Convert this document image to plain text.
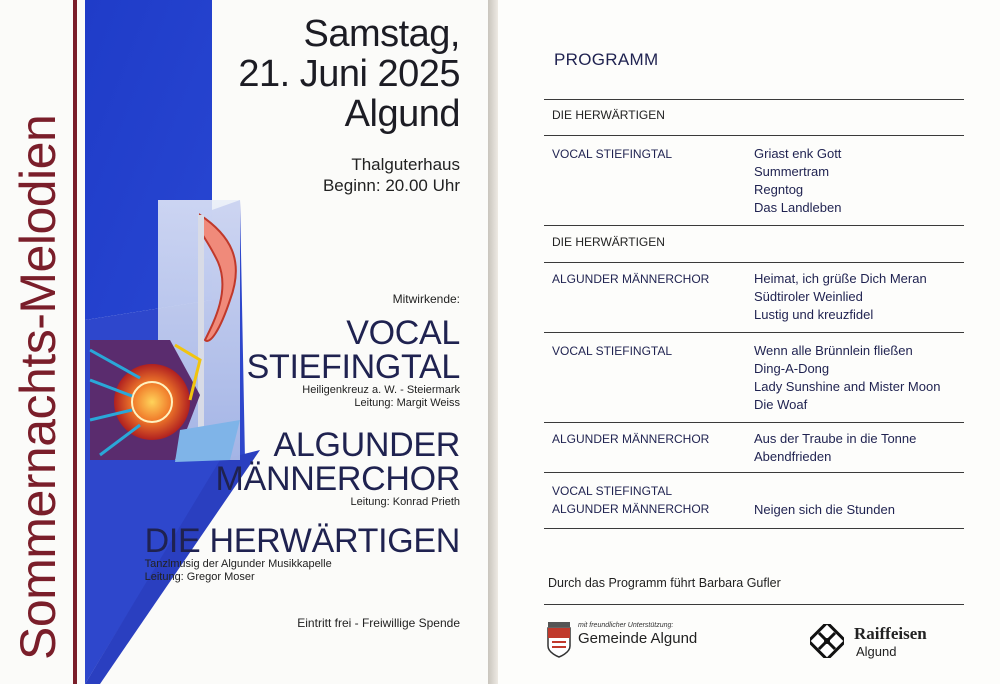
Sommernachts-Melodien
Samstag,
21. Juni 2025
Algund
Thalguterhaus
Beginn: 20.00 Uhr
Mitwirkende:
VOCAL
STIEFINGTAL
Heiligenkreuz a. W. - Steiermark
Leitung: Margit Weiss
ALGUNDER
MÄNNERCHOR
Leitung: Konrad Prieth
DIE HERWÄRTIGEN
Tanzlmusig der Algunder Musikkapelle
Leitung: Gregor Moser
Eintritt frei - Freiwillige Spende
PROGRAMM
DIE HERWÄRTIGEN
VOCAL STIEFINGTAL	Griast enk Gott
Summertram
Regntog
Das Landleben
DIE HERWÄRTIGEN
ALGUNDER MÄNNERCHOR	Heimat, ich grüße Dich Meran
Südtiroler Weinlied
Lustig und kreuzfidel
VOCAL STIEFINGTAL	Wenn alle Brünnlein fließen
Ding-A-Dong
Lady Sunshine and Mister Moon
Die Woaf
ALGUNDER MÄNNERCHOR	Aus der Traube in die Tonne
Abendfrieden
VOCAL STIEFINGTAL
ALGUNDER MÄNNERCHOR	Neigen sich die Stunden
Durch das Programm führt Barbara Gufler
mit freundlicher Unterstützung:
Gemeinde Algund	Raiffeisen
Algund
